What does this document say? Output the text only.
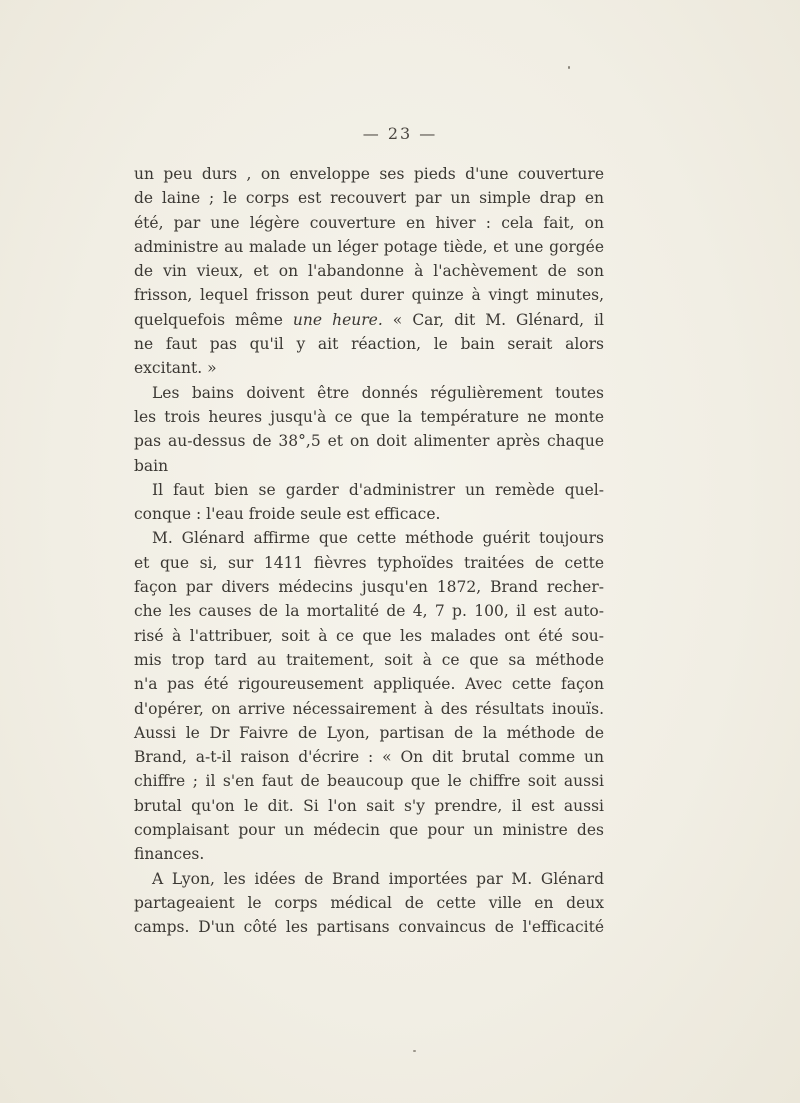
— 23 —
un peu durs , on enveloppe ses pieds d'une couverture
de laine ; le corps est recouvert par un simple drap en
été, par une légère couverture en hiver : cela fait, on
administre au malade un léger potage tiède, et une gorgée
de vin vieux, et on l'abandonne à l'achèvement de son
frisson, lequel frisson peut durer quinze à vingt minutes,
quelquefois même une heure. « Car, dit M. Glénard, il
ne faut pas qu'il y ait réaction, le bain serait alors
excitant. »
Les bains doivent être donnés régulièrement toutes
les trois heures jusqu'à ce que la température ne monte
pas au-dessus de 38°,5 et on doit alimenter après chaque
bain
Il faut bien se garder d'administrer un remède quel-
conque : l'eau froide seule est efficace.
M. Glénard affirme que cette méthode guérit toujours
et que si, sur 1411 fièvres typhoïdes traitées de cette
façon par divers médecins jusqu'en 1872, Brand recher-
che les causes de la mortalité de 4, 7 p. 100, il est auto-
risé à l'attribuer, soit à ce que les malades ont été sou-
mis trop tard au traitement, soit à ce que sa méthode
n'a pas été rigoureusement appliquée. Avec cette façon
d'opérer, on arrive nécessairement à des résultats inouïs.
Aussi le Dr Faivre de Lyon, partisan de la méthode de
Brand, a-t-il raison d'écrire : « On dit brutal comme un
chiffre ; il s'en faut de beaucoup que le chiffre soit aussi
brutal qu'on le dit. Si l'on sait s'y prendre, il est aussi
complaisant pour un médecin que pour un ministre des
finances.
A Lyon, les idées de Brand importées par M. Glénard
partageaient le corps médical de cette ville en deux
camps. D'un côté les partisans convaincus de l'efficacité
